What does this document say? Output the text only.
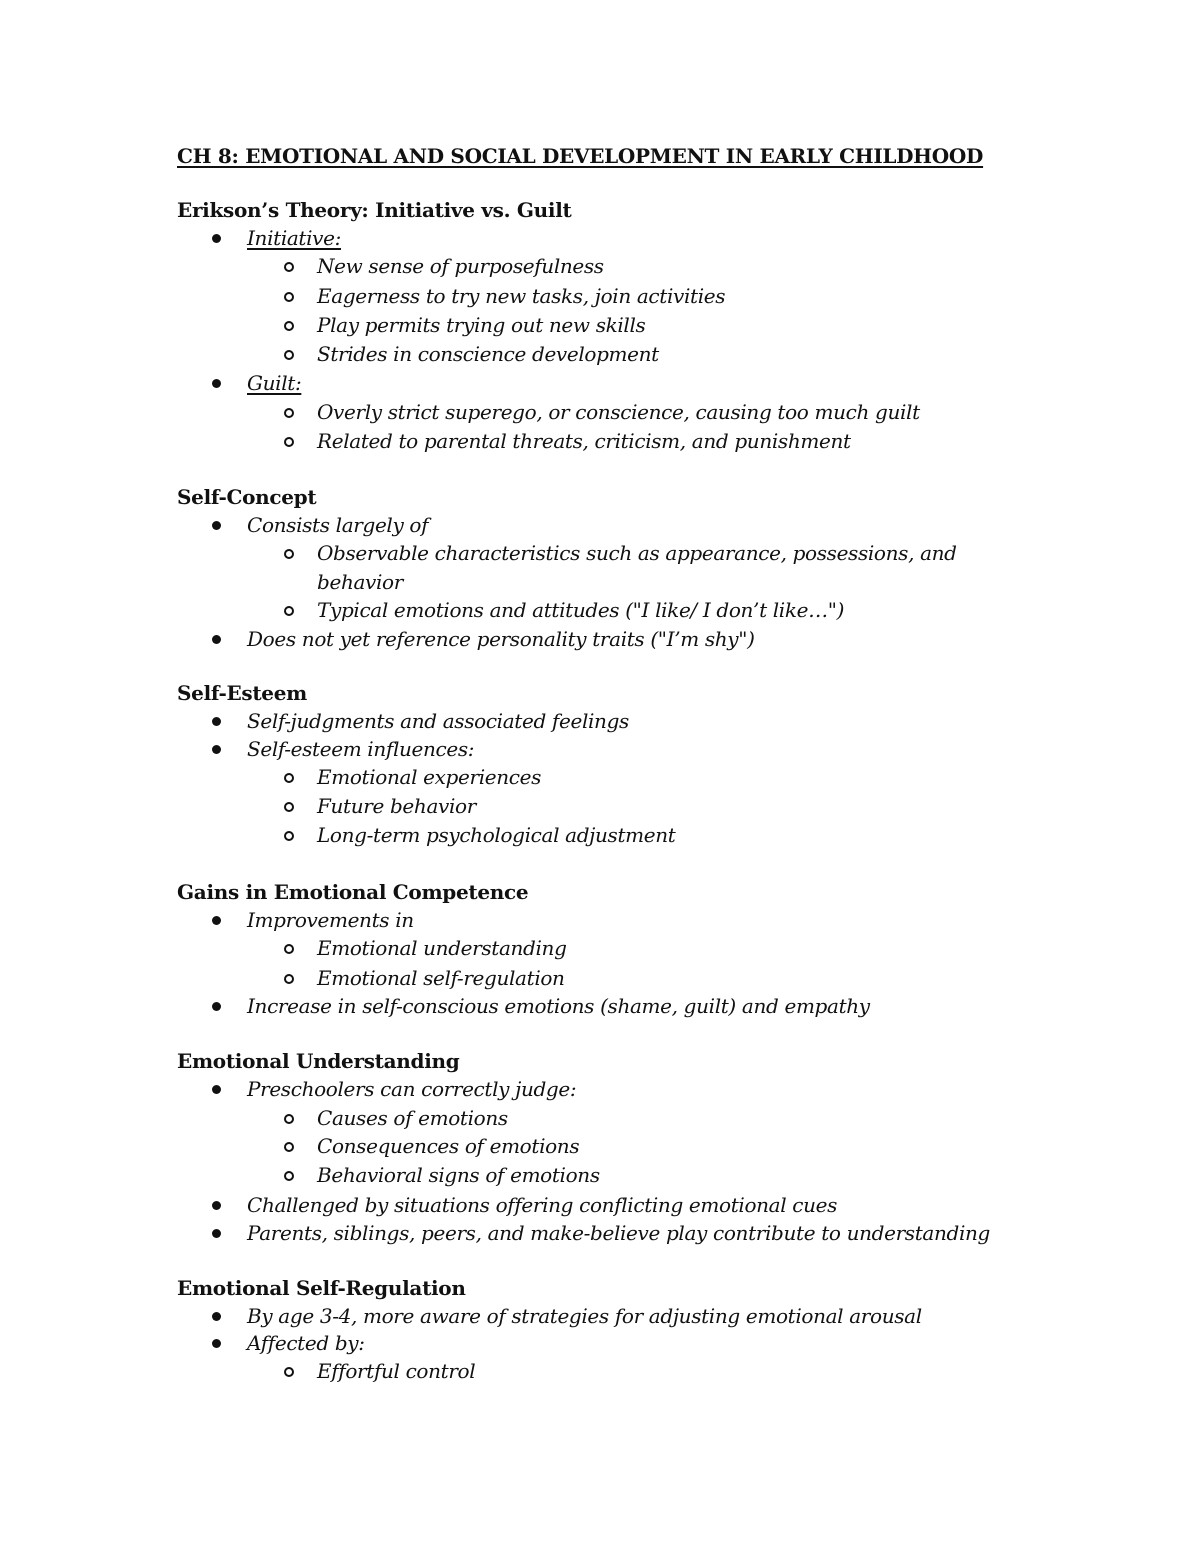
CH 8: EMOTIONAL AND SOCIAL DEVELOPMENT IN EARLY CHILDHOOD
Erikson’s Theory: Initiative vs. Guilt
Initiative:
New sense of purposefulness
Eagerness to try new tasks, join activities
Play permits trying out new skills
Strides in conscience development
Guilt:
Overly strict superego, or conscience, causing too much guilt
Related to parental threats, criticism, and punishment
Self-Concept
Consists largely of
Observable characteristics such as appearance, possessions, and
behavior
Typical emotions and attitudes ("I like/ I don’t like…")
Does not yet reference personality traits ("I’m shy")
Self-Esteem
Self-judgments and associated feelings
Self-esteem influences:
Emotional experiences
Future behavior
Long-term psychological adjustment
Gains in Emotional Competence
Improvements in
Emotional understanding
Emotional self-regulation
Increase in self-conscious emotions (shame, guilt) and empathy
Emotional Understanding
Preschoolers can correctly judge:
Causes of emotions
Consequences of emotions
Behavioral signs of emotions
Challenged by situations offering conflicting emotional cues
Parents, siblings, peers, and make-believe play contribute to understanding
Emotional Self-Regulation
By age 3-4, more aware of strategies for adjusting emotional arousal
Affected by:
Effortful control
